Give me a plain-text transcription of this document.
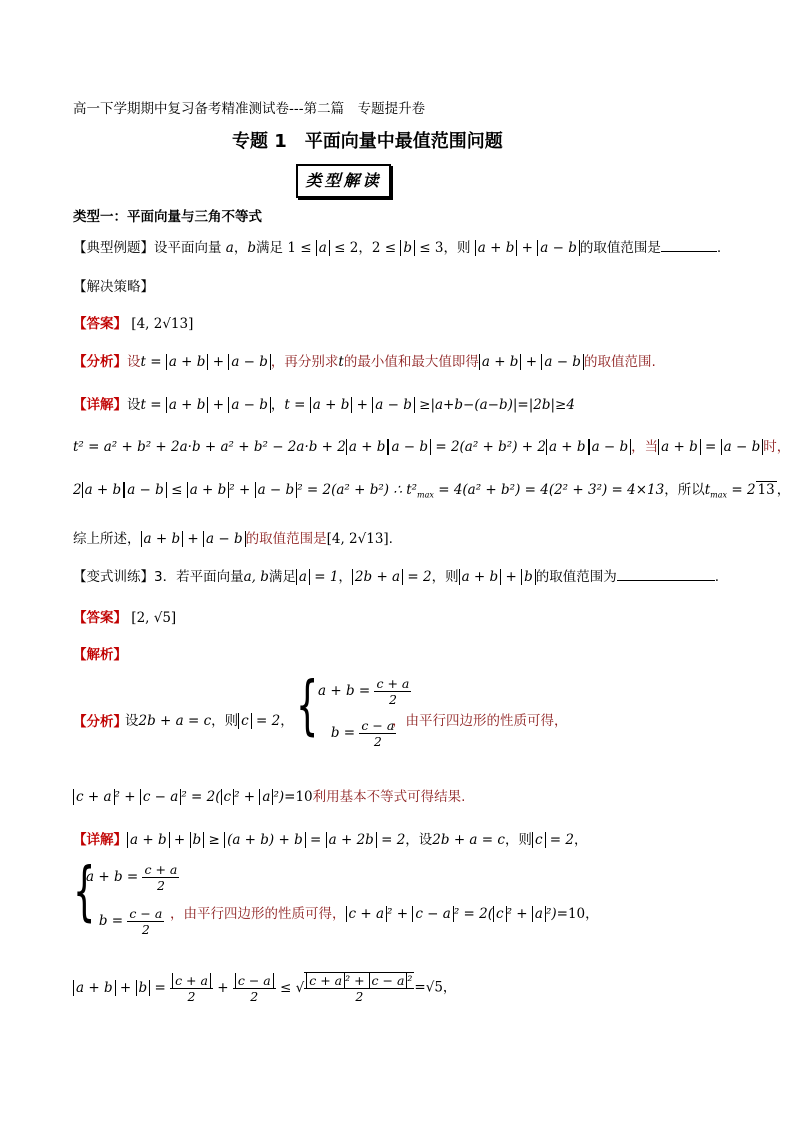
高一下学期期中复习备考精准测试卷---第二篇　专题提升卷
专题 1　平面向量中最值范围问题
类型解读
类型一：平面向量与三角不等式
【典型例题】设平面向量 a，b满足 1 ≤ a ≤ 2，2 ≤ b ≤ 3，则 a + b + a − b 的取值范围是	.
【解决策略】
【答案】 [4, 2√13]
【分析】设t = a + b + a − b ，再分别求t的最小值和最大值即得 a + b + a − b 的取值范围.
【详解】设t = a + b + a − b ，t = a + b + a − b ≥|a+b−(a−b)|=|2b|≥4
t² = a² + b² + 2a·b + a² + b² − 2a·b + 2 a + b a − b = 2(a² + b²) + 2 a + b a − b ，当 a + b = a − b 时，
2 a + b a − b ≤ a + b ² + a − b ² = 2(a² + b²) ∴ $t^2_{max} = 4(a^2 + b^2) = 4(2^2 + 3^2) = 4\times 13$，所以$t_{max} = 2$ 13 ，
综上所述， a + b + a − b 的取值范围是[4, 2√13].
【变式训练】3．若平面向量a, b满足 a = 1， 2b + a = 2，则 a + b + b 的取值范围为	.
【答案】 [2, √5]
【解析】
【分析】
设2b + a = c，则 c = 2， { $a + b = \frac{c + a}{2}$
$b = \frac{c - a}{2}$
，由平行四边形的性质可得，
c + a ² + c − a ² = 2( c ² + a ²)=10利用基本不等式可得结果.
【详解】 a + b + b ≥ (a + b) + b = a + 2b = 2，设2b + a = c，则 c = 2，
{
$a + b = \frac{c + a}{2}$
$b = \frac{c - a}{2}$ ，由平行四边形的性质可得， c + a ² + c − a ² = 2( c ² + a ²)=10，
$a + b + b = \frac{c + a}{2} + \frac{c - a}{2}$ ≤ √ $\frac{\text{c + a ² + c − a ²}}{2} =√5$，
